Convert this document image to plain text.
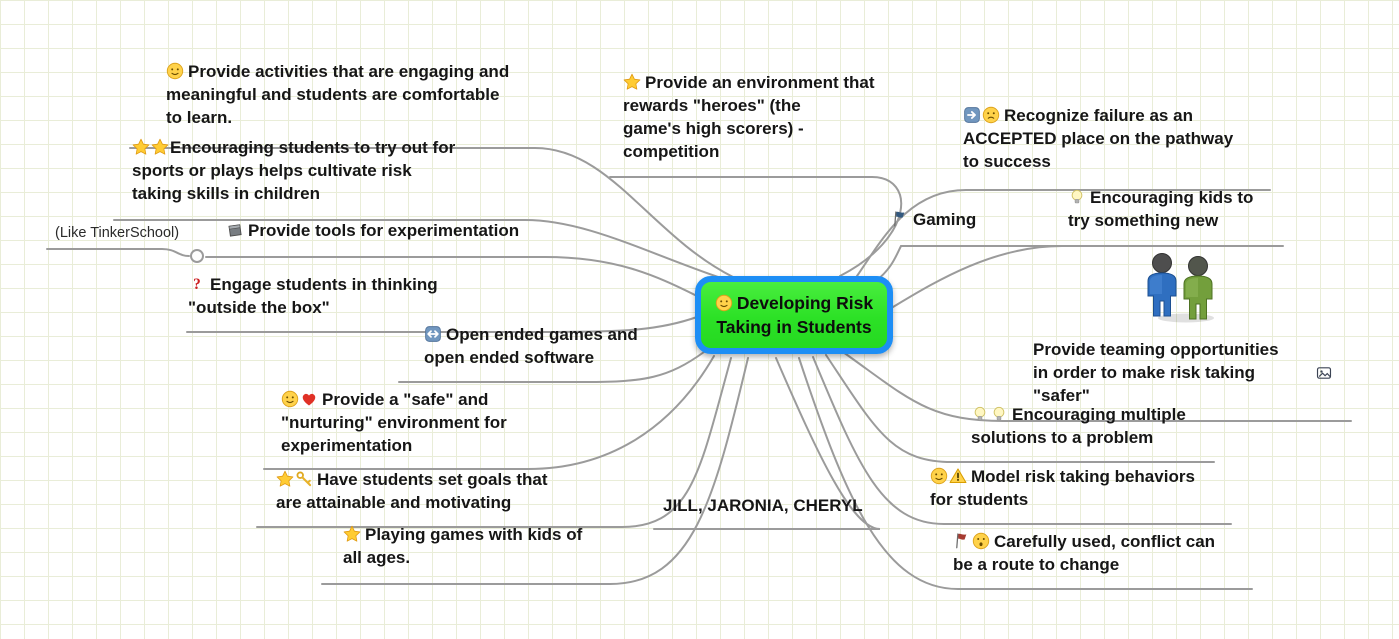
Provide activities that are engaging and
meaningful and students are comfortable
to learn.
Encouraging students to try out for
sports or plays helps cultivate risk
taking skills in children
(Like TinkerSchool)	Provide tools for experimentation
Engage students in thinking
"outside the box"
Open ended games and
open ended software
Provide a "safe" and
"nurturing" environment for
experimentation
Have students set goals that
are attainable and motivating
Playing games with kids of
all ages.
JILL, JARONIA, CHERYL
Provide an environment that
rewards "heroes" (the
game's high scorers) -
competition
Recognize failure as an
ACCEPTED place on the pathway
to success
Gaming
Encouraging kids to
try something new
Provide teaming opportunities
in order to make risk taking
"safer"
Encouraging multiple
solutions to a problem
Model risk taking behaviors
for students
Carefully used, conflict can
be a route to change
Developing Risk
Taking in Students
